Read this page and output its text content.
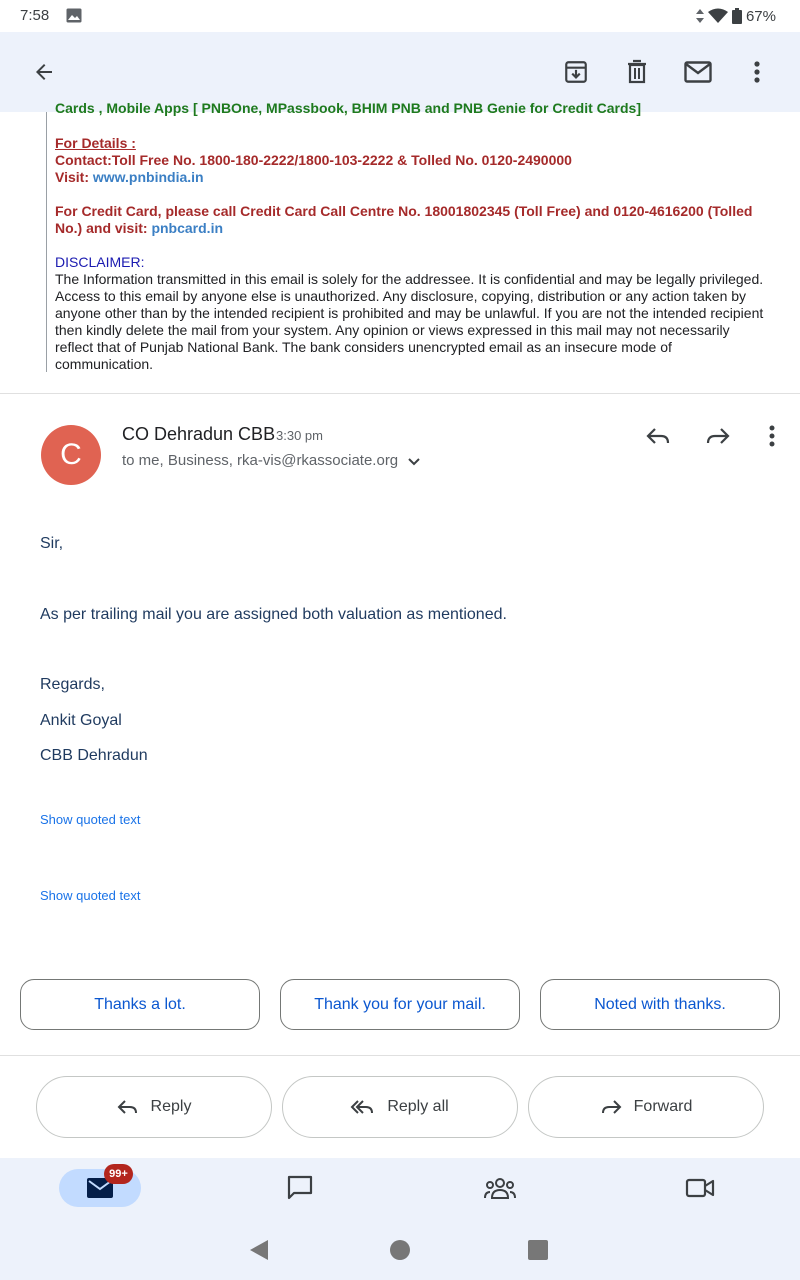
7:58	67%
Cards , Mobile Apps [ PNBOne, MPassbook, BHIM PNB and PNB Genie for Credit Cards]
For Details :
Contact:Toll Free No. 1800-180-2222/1800-103-2222 & Tolled No. 0120-2490000
Visit: www.pnbindia.in
For Credit Card, please call Credit Card Call Centre No. 18001802345 (Toll Free) and 0120-4616200 (Tolled No.) and visit: pnbcard.in
DISCLAIMER:
The Information transmitted in this email is solely for the addressee. It is confidential and may be legally privileged. Access to this email by anyone else is unauthorized. Any disclosure, copying, distribution or any action taken by anyone other than by the intended recipient is prohibited and may be unlawful. If you are not the intended recipient then kindly delete the mail from your system. Any opinion or views expressed in this mail may not necessarily reflect that of Punjab National Bank. The bank considers unencrypted email as an insecure mode of communication.
C
CO Dehradun CBB 3:30 pm
to me, Business, rka-vis@rkassociate.org
Sir,
As per trailing mail you are assigned both valuation as mentioned.
Regards,
Ankit Goyal
CBB Dehradun
Show quoted text
Show quoted text
Thanks a lot.	Thank you for your mail.	Noted with thanks.
Reply	Reply all	Forward
99+
